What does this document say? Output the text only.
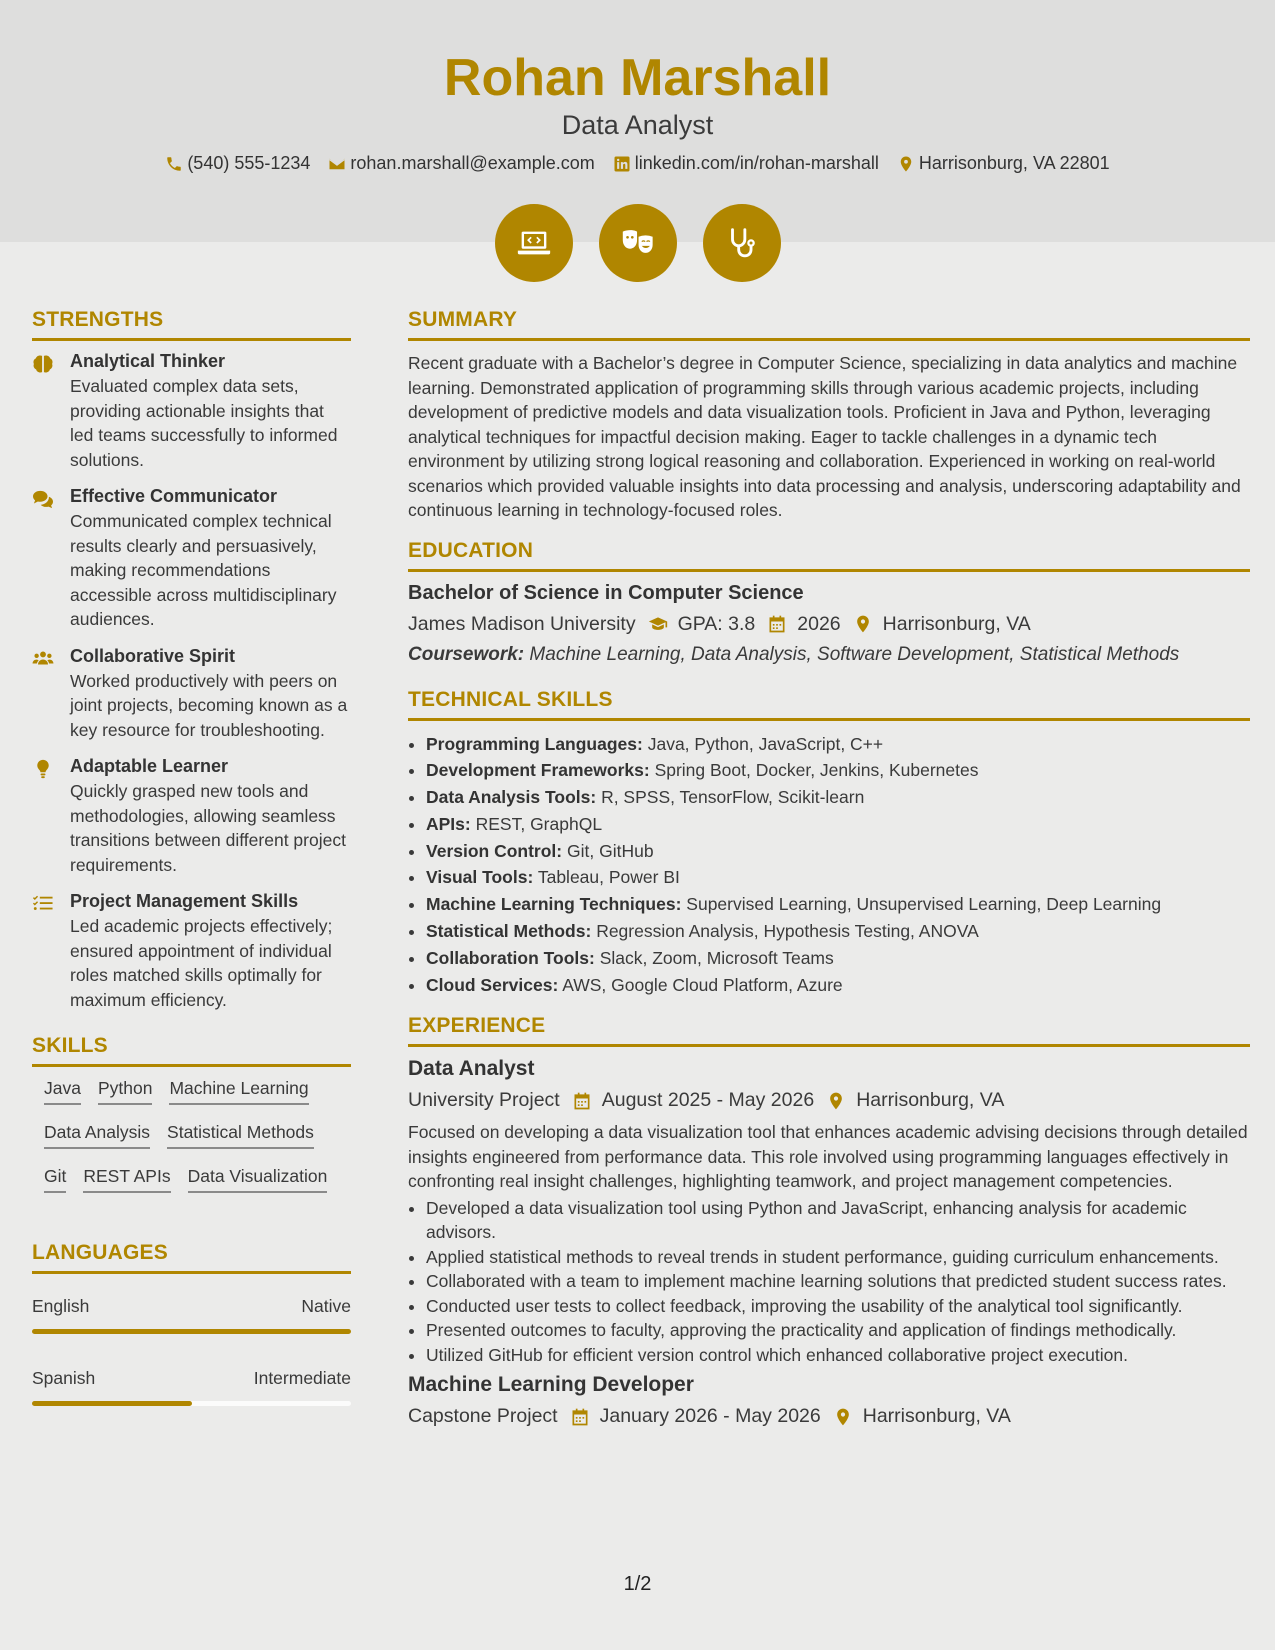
Rohan Marshall
Data Analyst
(540) 555-1234 rohan.marshall@example.com linkedin.com/in/rohan-marshall Harrisonburg, VA 22801
STRENGTHS
Analytical Thinker
Evaluated complex data sets, providing actionable insights that led teams successfully to informed solutions.
Effective Communicator
Communicated complex technical results clearly and persuasively, making recommendations accessible across multidisciplinary audiences.
Collaborative Spirit
Worked productively with peers on joint projects, becoming known as a key resource for troubleshooting.
Adaptable Learner
Quickly grasped new tools and methodologies, allowing seamless transitions between different project requirements.
Project Management Skills
Led academic projects effectively; ensured appointment of individual roles matched skills optimally for maximum efficiency.
SKILLS
Java Python Machine Learning
Data Analysis Statistical Methods
Git REST APIs Data Visualization
LANGUAGES
English	Native
Spanish	Intermediate
SUMMARY

Recent graduate with a Bachelor’s degree in Computer Science, specializing in data analytics and machine learning. Demonstrated application of programming skills through various academic projects, including development of predictive models and data visualization tools. Proficient in Java and Python, leveraging analytical techniques for impactful decision making. Eager to tackle challenges in a dynamic tech environment by utilizing strong logical reasoning and collaboration. Experienced in working on real-world scenarios which provided valuable insights into data processing and analysis, underscoring adaptability and continuous learning in technology-focused roles.

EDUCATION
Bachelor of Science in Computer Science
James Madison University GPA: 3.8 2026 Harrisonburg, VA
Coursework: Machine Learning, Data Analysis, Software Development, Statistical Methods
TECHNICAL SKILLS
• Programming Languages: Java, Python, JavaScript, C++
• Development Frameworks: Spring Boot, Docker, Jenkins, Kubernetes
• Data Analysis Tools: R, SPSS, TensorFlow, Scikit-learn
• APIs: REST, GraphQL
• Version Control: Git, GitHub
• Visual Tools: Tableau, Power BI
• Machine Learning Techniques: Supervised Learning, Unsupervised Learning, Deep Learning
• Statistical Methods: Regression Analysis, Hypothesis Testing, ANOVA
• Collaboration Tools: Slack, Zoom, Microsoft Teams
• Cloud Services: AWS, Google Cloud Platform, Azure
EXPERIENCE
Data Analyst
University Project August 2025 - May 2026 Harrisonburg, VA

Focused on developing a data visualization tool that enhances academic advising decisions through detailed insights engineered from performance data. This role involved using programming languages effectively in confronting real insight challenges, highlighting teamwork, and project management competencies.

• Developed a data visualization tool using Python and JavaScript, enhancing analysis for academic advisors.
• Applied statistical methods to reveal trends in student performance, guiding curriculum enhancements.
• Collaborated with a team to implement machine learning solutions that predicted student success rates.
• Conducted user tests to collect feedback, improving the usability of the analytical tool significantly.
• Presented outcomes to faculty, approving the practicality and application of findings methodically.
• Utilized GitHub for efficient version control which enhanced collaborative project execution.
Machine Learning Developer
Capstone Project January 2026 - May 2026 Harrisonburg, VA
1/2
